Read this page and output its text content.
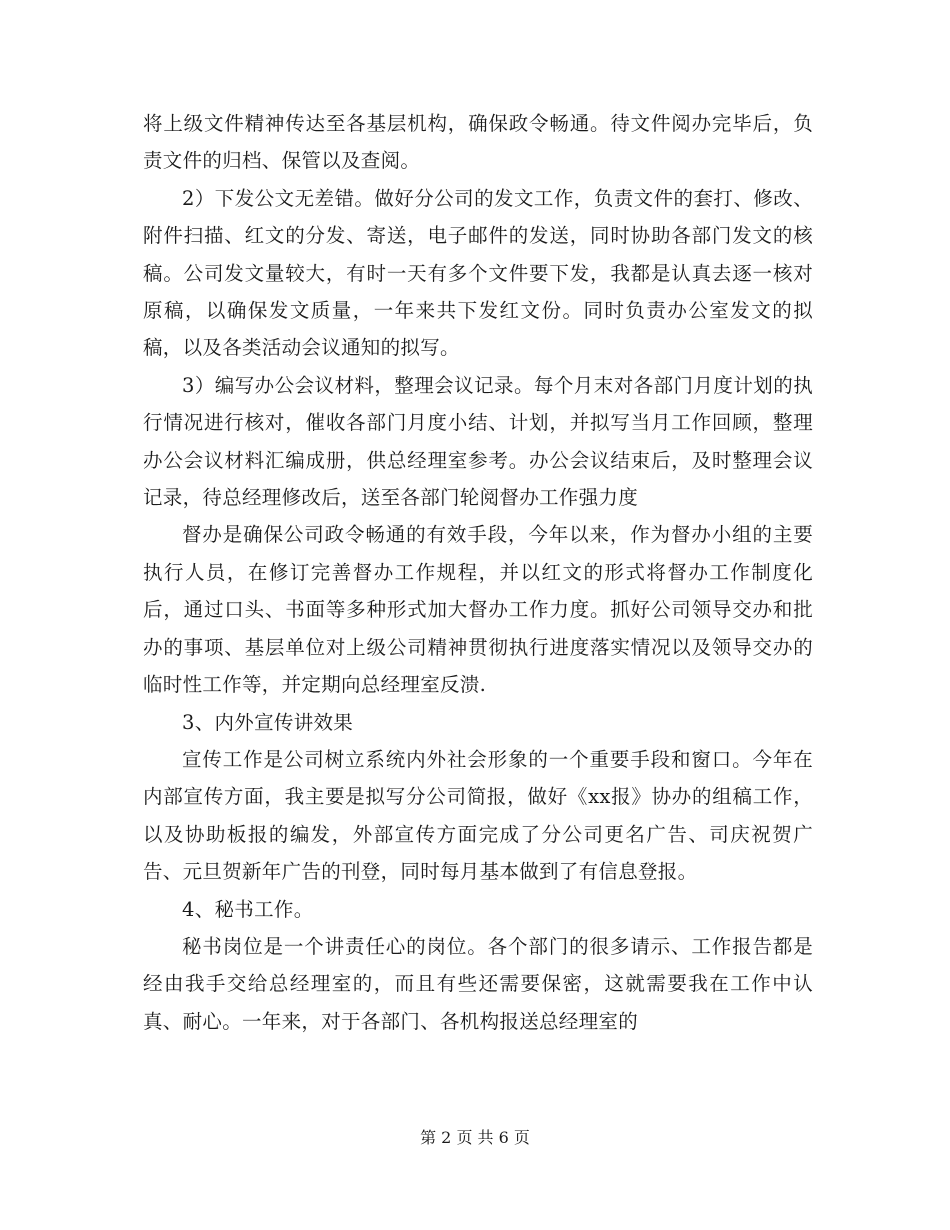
将上级文件精神传达至各基层机构，确保政令畅通。待文件阅办完毕后，负责文件的归档、保管以及查阅。

2）下发公文无差错。做好分公司的发文工作，负责文件的套打、修改、附件扫描、红文的分发、寄送，电子邮件的发送，同时协助各部门发文的核稿。公司发文量较大，有时一天有多个文件要下发，我都是认真去逐一核对原稿，以确保发文质量，一年来共下发红文份。同时负责办公室发文的拟稿，以及各类活动会议通知的拟写。

3）编写办公会议材料，整理会议记录。每个月末对各部门月度计划的执行情况进行核对，催收各部门月度小结、计划，并拟写当月工作回顾，整理办公会议材料汇编成册，供总经理室参考。办公会议结束后，及时整理会议记录，待总经理修改后，送至各部门轮阅督办工作强力度

督办是确保公司政令畅通的有效手段，今年以来，作为督办小组的主要执行人员，在修订完善督办工作规程，并以红文的形式将督办工作制度化后，通过口头、书面等多种形式加大督办工作力度。抓好公司领导交办和批办的事项、基层单位对上级公司精神贯彻执行进度落实情况以及领导交办的临时性工作等，并定期向总经理室反溃.

3、内外宣传讲效果

宣传工作是公司树立系统内外社会形象的一个重要手段和窗口。今年在内部宣传方面，我主要是拟写分公司简报，做好《xx报》协办的组稿工作，以及协助板报的编发，外部宣传方面完成了分公司更名广告、司庆祝贺广告、元旦贺新年广告的刊登，同时每月基本做到了有信息登报。

4、秘书工作。

秘书岗位是一个讲责任心的岗位。各个部门的很多请示、工作报告都是经由我手交给总经理室的，而且有些还需要保密，这就需要我在工作中认真、耐心。一年来，对于各部门、各机构报送总经理室的

第 2 页 共 6 页
